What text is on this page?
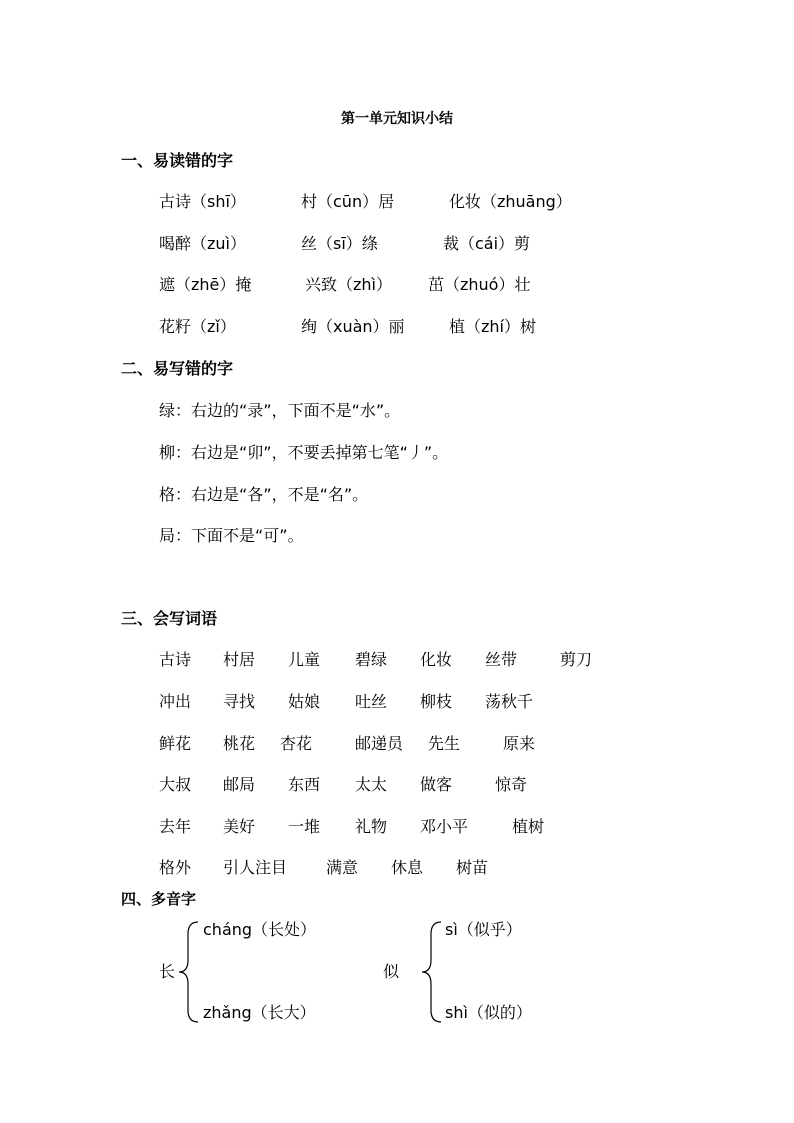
第一单元知识小结
一、易读错的字
古诗（shī）	村（cūn）居	化妆（zhuāng）
喝醉（zuì）	丝（sī）绦	裁（cái）剪
遮（zhē）掩	兴致（zhì） 茁（zhuó）壮
花籽（zǐ）	绚（xuàn）丽	植（zhí）树
二、易写错的字
绿：右边的“录”，下面不是“水”。
柳：右边是“卯”，不要丢掉第七笔“丿”。
格：右边是“各”，不是“名”。
局：下面不是“可”。
三、会写词语
古诗 村居 儿童 碧绿 化妆 丝带	剪刀
冲出 寻找 姑娘 吐丝 柳枝 荡秋千
鲜花 桃花 杏花	邮递员 先生	原来
大叔 邮局 东西 太太 做客	惊奇
去年 美好 一堆 礼物 邓小平	植树
格外 引人注目 满意 休息 树苗
四、多音字
长
cháng（长处）
zhǎng（长大）
似
sì（似乎）
shì（似的）
